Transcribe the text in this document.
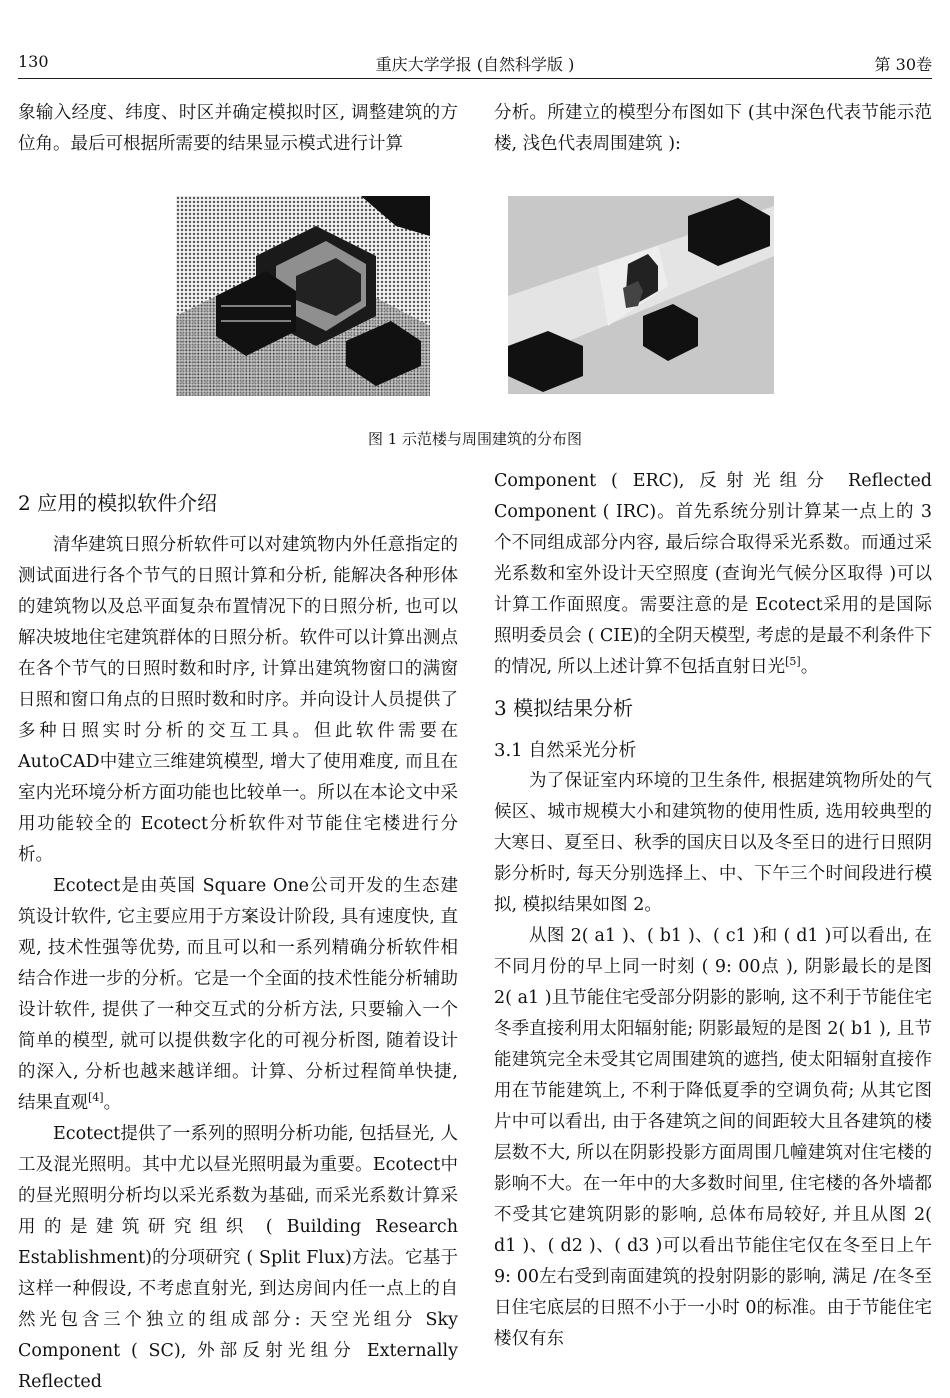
130	重庆大学学报 (自然科学版 )	第 30卷

象输入经度、纬度、时区并确定模拟时区, 调整建筑的方位角。最后可根据所需要的结果显示模式进行计算

分析。所建立的模型分布图如下 (其中深色代表节能示范楼, 浅色代表周围建筑 ):

图 1 示范楼与周围建筑的分布图
2 应用的模拟软件介绍

清华建筑日照分析软件可以对建筑物内外任意指定的测试面进行各个节气的日照计算和分析, 能解决各种形体的建筑物以及总平面复杂布置情况下的日照分析, 也可以解决坡地住宅建筑群体的日照分析。软件可以计算出测点在各个节气的日照时数和时序, 计算出建筑物窗口的满窗日照和窗口角点的日照时数和时序。并向设计人员提供了多种日照实时分析的交互工具。但此软件需要在 AutoCAD中建立三维建筑模型, 增大了使用难度, 而且在室内光环境分析方面功能也比较单一。所以在本论文中采用功能较全的 Ecotect分析软件对节能住宅楼进行分析。

Ecotect是由英国 Square One公司开发的生态建筑设计软件, 它主要应用于方案设计阶段, 具有速度快, 直观, 技术性强等优势, 而且可以和一系列精确分析软件相结合作进一步的分析。它是一个全面的技术性能分析辅助设计软件, 提供了一种交互式的分析方法, 只要输入一个简单的模型, 就可以提供数字化的可视分析图, 随着设计的深入, 分析也越来越详细。计算、分析过程简单快捷, 结果直观[4]。

Ecotect提供了一系列的照明分析功能, 包括昼光, 人工及混光照明。其中尤以昼光照明最为重要。Ecotect中的昼光照明分析均以采光系数为基础, 而采光系数计算采用的是建筑研究组织 ( Building Research Establishment)的分项研究 ( Split Flux)方法。它基于这样一种假设, 不考虑直射光, 到达房间内任一点上的自然光包含三个独立的组成部分: 天空光组分 Sky Component ( SC), 外部反射光组分 Externally Reflected

Component ( ERC), 反射光组分 Reflected Component ( IRC)。首先系统分别计算某一点上的 3个不同组成部分内容, 最后综合取得采光系数。而通过采光系数和室外设计天空照度 (查询光气候分区取得 )可以计算工作面照度。需要注意的是 Ecotect采用的是国际照明委员会 ( CIE)的全阴天模型, 考虑的是最不利条件下的情况, 所以上述计算不包括直射日光[5]。

3 模拟结果分析
3.1 自然采光分析

为了保证室内环境的卫生条件, 根据建筑物所处的气候区、城市规模大小和建筑物的使用性质, 选用较典型的大寒日、夏至日、秋季的国庆日以及冬至日的进行日照阴影分析时, 每天分别选择上、中、下午三个时间段进行模拟, 模拟结果如图 2。

从图 2( a1 )、( b1 )、( c1 )和 ( d1 )可以看出, 在不同月份的早上同一时刻 ( 9: 00点 ), 阴影最长的是图 2( a1 )且节能住宅受部分阴影的影响, 这不利于节能住宅冬季直接利用太阳辐射能; 阴影最短的是图 2( b1 ), 且节能建筑完全未受其它周围建筑的遮挡, 使太阳辐射直接作用在节能建筑上, 不利于降低夏季的空调负荷; 从其它图片中可以看出, 由于各建筑之间的间距较大且各建筑的楼层数不大, 所以在阴影投影方面周围几幢建筑对住宅楼的影响不大。在一年中的大多数时间里, 住宅楼的各外墙都不受其它建筑阴影的影响, 总体布局较好, 并且从图 2( d1 )、( d2 )、( d3 )可以看出节能住宅仅在冬至日上午 9: 00左右受到南面建筑的投射阴影的影响, 满足 /在冬至日住宅底层的日照不小于一小时 0的标准。由于节能住宅楼仅有东
